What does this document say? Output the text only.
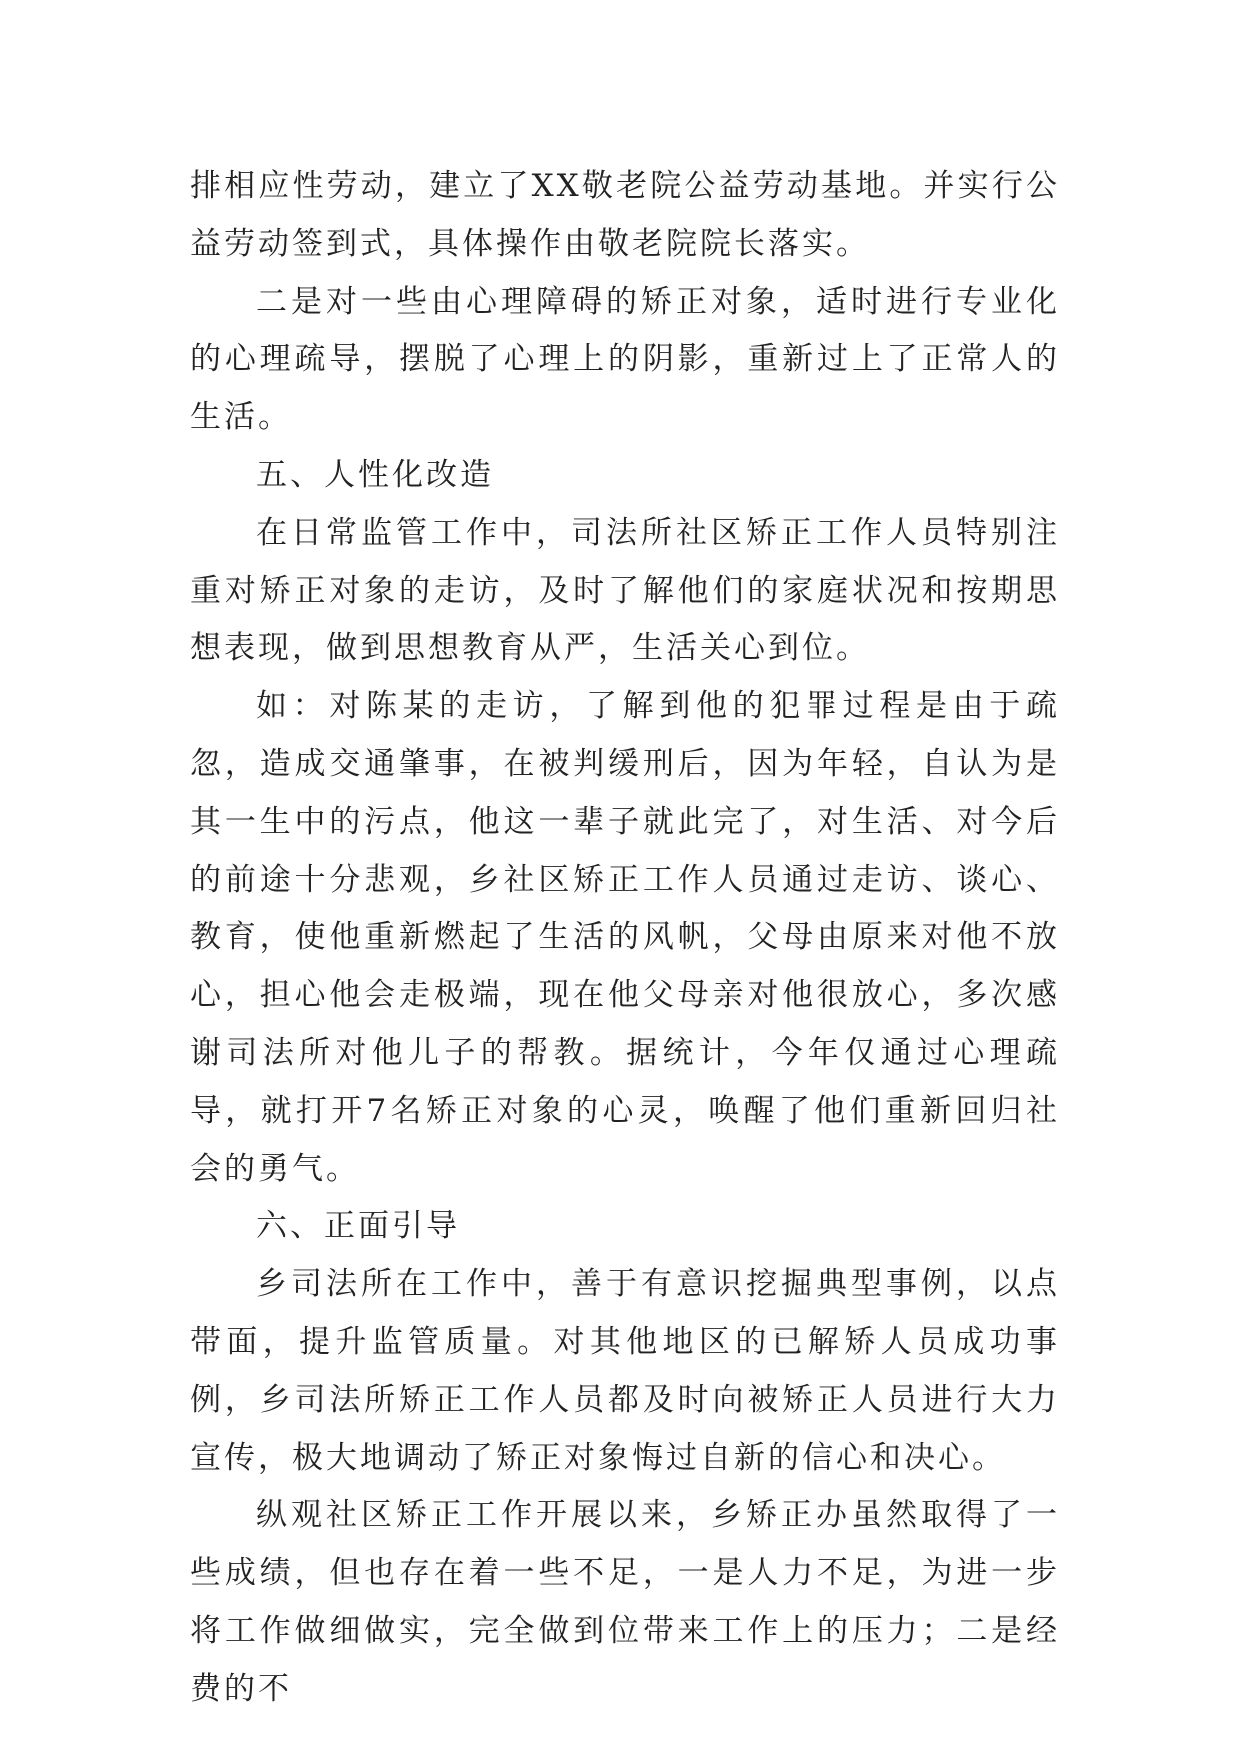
排相应性劳动，建立了XX敬老院公益劳动基地。并实行公益劳动签到式，具体操作由敬老院院长落实。

二是对一些由心理障碍的矫正对象，适时进行专业化的心理疏导，摆脱了心理上的阴影，重新过上了正常人的生活。

五、人性化改造

在日常监管工作中，司法所社区矫正工作人员特别注重对矫正对象的走访，及时了解他们的家庭状况和按期思想表现，做到思想教育从严，生活关心到位。

如：对陈某的走访，了解到他的犯罪过程是由于疏忽，造成交通肇事，在被判缓刑后，因为年轻，自认为是其一生中的污点，他这一辈子就此完了，对生活、对今后的前途十分悲观，乡社区矫正工作人员通过走访、谈心、教育，使他重新燃起了生活的风帆，父母由原来对他不放心，担心他会走极端，现在他父母亲对他很放心，多次感谢司法所对他儿子的帮教。据统计，今年仅通过心理疏导，就打开7名矫正对象的心灵，唤醒了他们重新回归社会的勇气。

六、正面引导

乡司法所在工作中，善于有意识挖掘典型事例，以点带面，提升监管质量。对其他地区的已解矫人员成功事例，乡司法所矫正工作人员都及时向被矫正人员进行大力宣传，极大地调动了矫正对象悔过自新的信心和决心。

纵观社区矫正工作开展以来，乡矫正办虽然取得了一些成绩，但也存在着一些不足，一是人力不足，为进一步将工作做细做实，完全做到位带来工作上的压力；二是经费的不
